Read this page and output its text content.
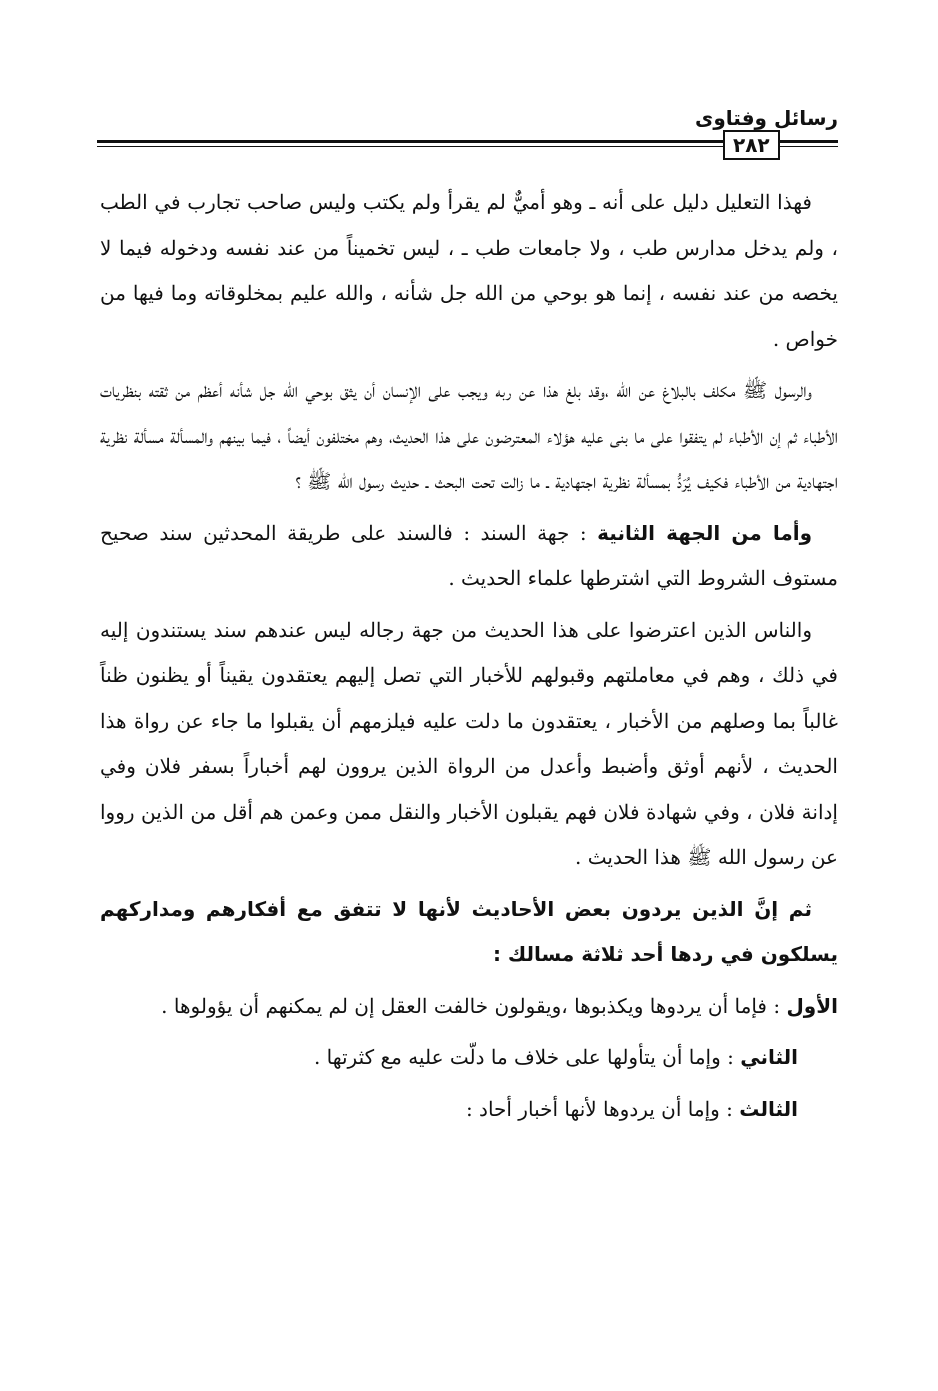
رسائل وفتاوى
٢٨٢

فهذا التعليل دليل على أنه ـ وهو أميٌّ لم يقرأ ولم يكتب وليس صاحب تجارب في الطب ، ولم يدخل مدارس طب ، ولا جامعات طب ـ ، ليس تخميناً من عند نفسه ودخوله فيما لا يخصه من عند نفسه ، إنما هو بوحي من الله جل شأنه ، والله عليم بمخلوقاته وما فيها من خواص .

والرسول ﷺ مكلف بالبلاغ عن الله ،وقد بلغ هذا عن ربه ويجب على الإنسان أن يثق بوحي الله جل شأنه أعظم من ثقته بنظريات الأطباء ثم إن الأطباء لم يتفقوا على ما بنى عليه هؤلاء المعترضون على هذا الحديث، وهم مختلفون أيضاً ، فيما بينهم والمسألة مسألة نظرية اجتهادية من الأطباء فكيف يُرَدُّ بمسألة نظرية اجتهادية ـ ما زالت تحت البحث ـ حديث رسول الله ﷺ ؟

وأما من الجهة الثانية : جهة السند : فالسند على طريقة المحدثين سند صحيح مستوف الشروط التي اشترطها علماء الحديث .

والناس الذين اعترضوا على هذا الحديث من جهة رجاله ليس عندهم سند يستندون إليه في ذلك ، وهم في معاملتهم وقبولهم للأخبار التي تصل إليهم يعتقدون يقيناً أو يظنون ظناً غالباً بما وصلهم من الأخبار ، يعتقدون ما دلت عليه فيلزمهم أن يقبلوا ما جاء عن رواة هذا الحديث ، لأنهم أوثق وأضبط وأعدل من الرواة الذين يروون لهم أخباراً بسفر فلان وفي إدانة فلان ، وفي شهادة فلان فهم يقبلون الأخبار والنقل ممن وعمن هم أقل من الذين رووا عن رسول الله ﷺ هذا الحديث .

ثم إنَّ الذين يردون بعض الأحاديث لأنها لا تتفق مع أفكارهم ومداركهم يسلكون في ردها أحد ثلاثة مسالك :

الأول : فإما أن يردوها ويكذبوها ،ويقولون خالفت العقل إن لم يمكنهم أن يؤولوها .

الثاني : وإما أن يتأولها على خلاف ما دلّت عليه مع كثرتها .

الثالث : وإما أن يردوها لأنها أخبار أحاد :
